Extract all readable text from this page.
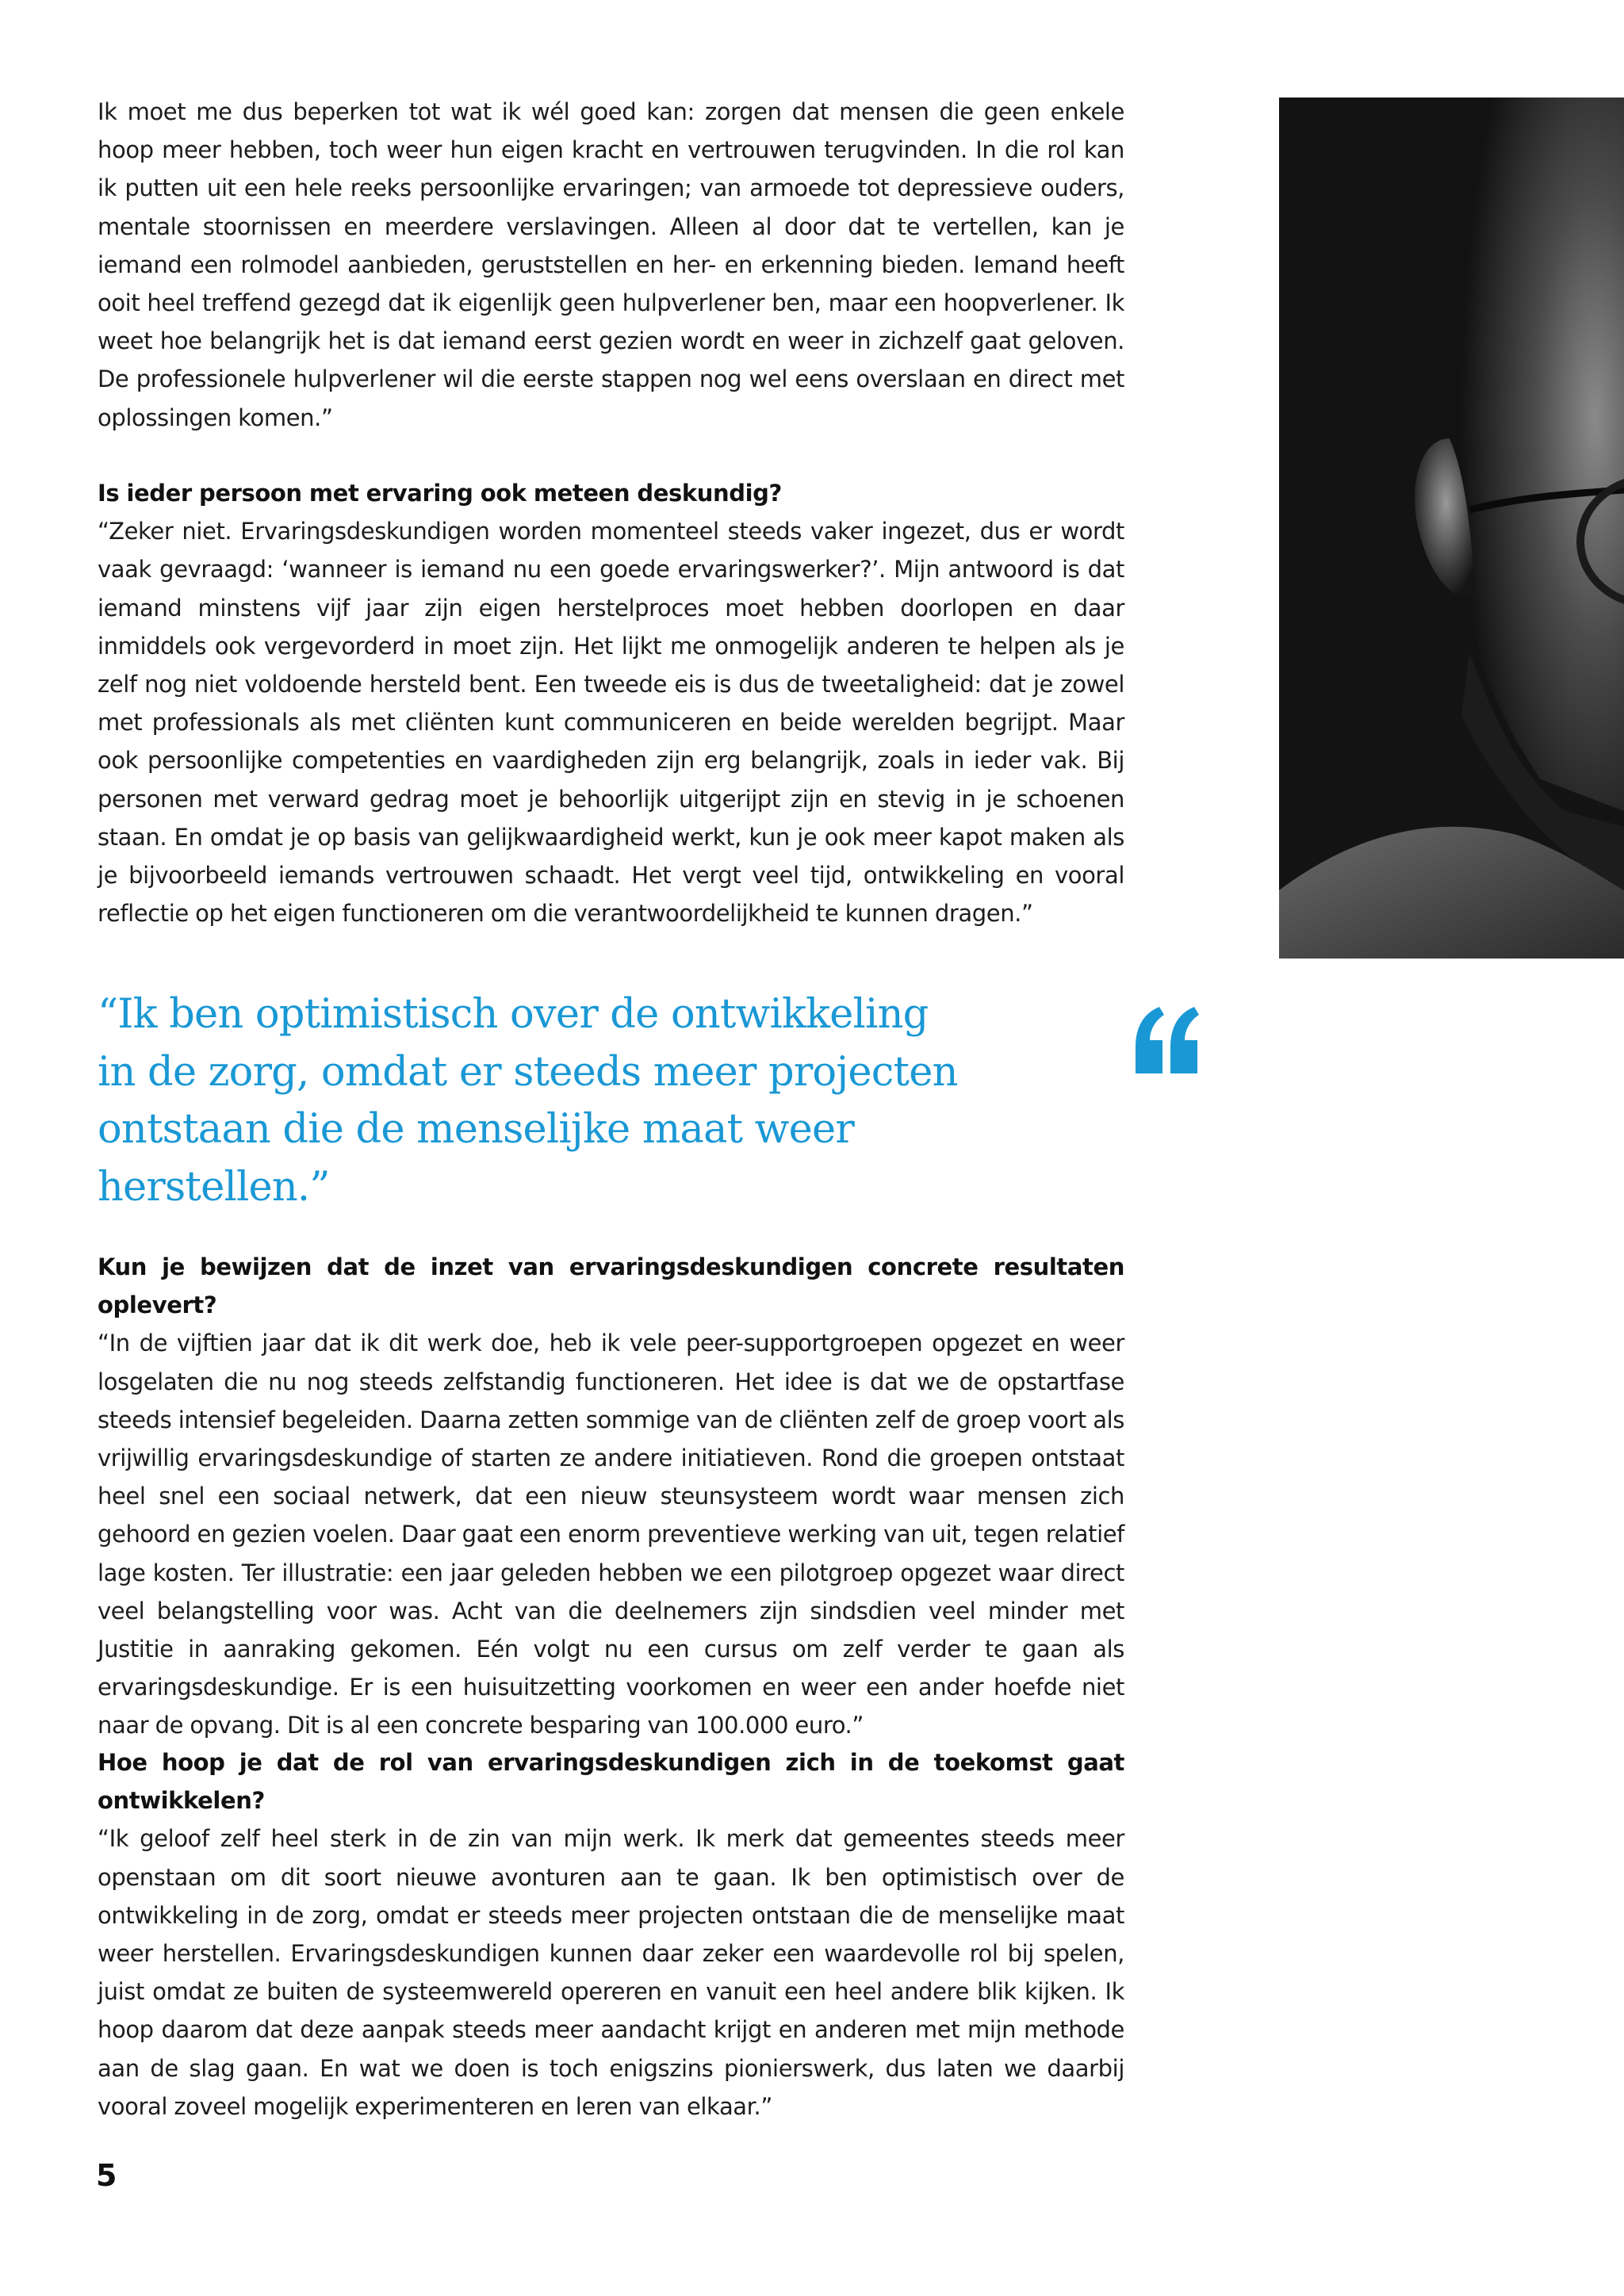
Ik moet me dus beperken tot wat ik wél goed kan: zorgen dat mensen die geen enkele hoop meer hebben, toch weer hun eigen kracht en vertrouwen terugvinden. In die rol kan ik putten uit een hele reeks persoonlijke ervaringen; van armoede tot depressieve ouders, mentale stoornissen en meerdere verslavingen. Alleen al door dat te vertellen, kan je iemand een rolmodel aanbieden, geruststellen en her- en erkenning bieden. Iemand heeft ooit heel treffend gezegd dat ik eigenlijk geen hulpverlener ben, maar een hoopverlener. Ik weet hoe belangrijk het is dat iemand eerst gezien wordt en weer in zichzelf gaat geloven. De professionele hulpverlener wil die eerste stappen nog wel eens overslaan en direct met oplossingen komen.”

Is ieder persoon met ervaring ook meteen deskundig?

“Zeker niet. Ervaringsdeskundigen worden momenteel steeds vaker ingezet, dus er wordt vaak gevraagd: ‘wanneer is iemand nu een goede ervaringswerker?’. Mijn antwoord is dat iemand minstens vijf jaar zijn eigen herstelproces moet hebben doorlopen en daar inmiddels ook vergevorderd in moet zijn. Het lijkt me onmogelijk anderen te helpen als je zelf nog niet voldoende hersteld bent. Een tweede eis is dus de tweetaligheid: dat je zowel met professionals als met cliënten kunt communiceren en beide werelden begrijpt. Maar ook persoonlijke competenties en vaardigheden zijn erg belangrijk, zoals in ieder vak. Bij personen met verward gedrag moet je behoorlijk uitgerijpt zijn en stevig in je schoenen staan. En omdat je op basis van gelijkwaardigheid werkt, kun je ook meer kapot maken als je bijvoorbeeld iemands vertrouwen schaadt. Het vergt veel tijd, ontwikkeling en vooral reflectie op het eigen functioneren om die verantwoordelijkheid te kunnen dragen.”

“Ik ben optimistisch over de ontwikkeling
in de zorg, omdat er steeds meer projecten
ontstaan die de menselijke maat weer
herstellen.”

Kun je bewijzen dat de inzet van ervaringsdeskundigen concrete resultaten oplevert?

“In de vijftien jaar dat ik dit werk doe, heb ik vele peer-supportgroepen opgezet en weer losgelaten die nu nog steeds zelfstandig functioneren. Het idee is dat we de opstartfase steeds intensief begeleiden. Daarna zetten sommige van de cliënten zelf de groep voort als vrijwillig ervaringsdeskundige of starten ze andere initiatieven. Rond die groepen ontstaat heel snel een sociaal netwerk, dat een nieuw steunsysteem wordt waar mensen zich gehoord en gezien voelen. Daar gaat een enorm preventieve werking van uit, tegen relatief lage kosten. Ter illustratie: een jaar geleden hebben we een pilotgroep opgezet waar direct veel belangstelling voor was. Acht van die deelnemers zijn sindsdien veel minder met Justitie in aanraking gekomen. Eén volgt nu een cursus om zelf verder te gaan als ervaringsdeskundige. Er is een huisuitzetting voorkomen en weer een ander hoefde niet naar de opvang. Dit is al een concrete besparing van 100.000 euro.”

Hoe hoop je dat de rol van ervaringsdeskundigen zich in de toekomst gaat ontwikkelen?

“Ik geloof zelf heel sterk in de zin van mijn werk. Ik merk dat gemeentes steeds meer openstaan om dit soort nieuwe avonturen aan te gaan. Ik ben optimistisch over de ontwikkeling in de zorg, omdat er steeds meer projecten ontstaan die de menselijke maat weer herstellen. Ervaringsdeskundigen kunnen daar zeker een waardevolle rol bij spelen, juist omdat ze buiten de systeemwereld opereren en vanuit een heel andere blik kijken. Ik hoop daarom dat deze aanpak steeds meer aandacht krijgt en anderen met mijn methode aan de slag gaan. En wat we doen is toch enigszins pionierswerk, dus laten we daarbij vooral zoveel mogelijk experimenteren en leren van elkaar.”

5
